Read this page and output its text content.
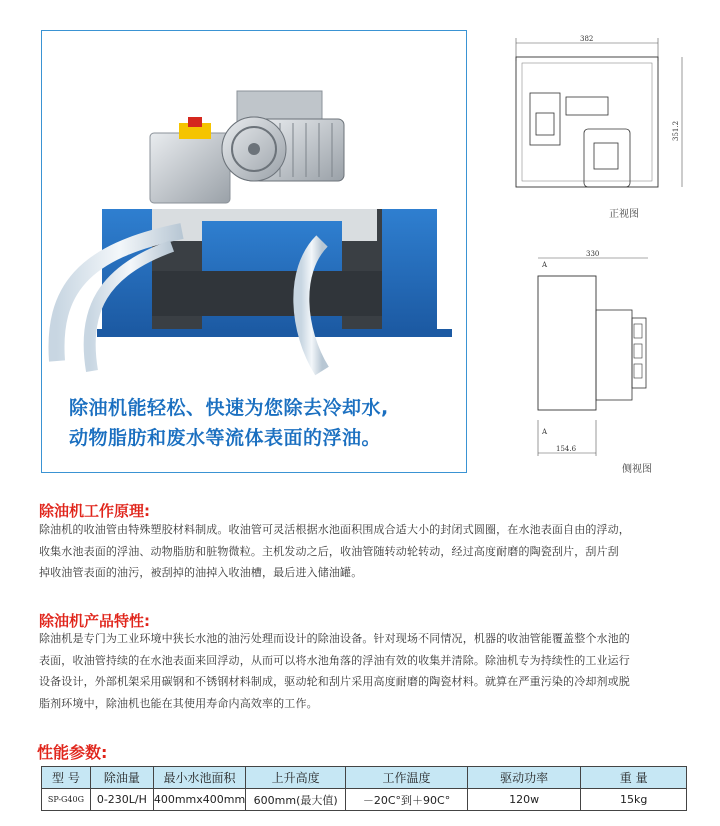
除油机能轻松、快速为您除去冷却水,
动物脂肪和废水等流体表面的浮油。
382
351.2
正视图
330
A
A
154.6
侧视图
除油机工作原理:
除油机的收油管由特殊塑胶材料制成。收油管可灵活根据水池面积围成合适大小的封闭式圆圈，在水池表面自由的浮动，
收集水池表面的浮油、动物脂肪和脏物微粒。主机发动之后，收油管随转动轮转动，经过高度耐磨的陶瓷刮片，刮片刮
掉收油管表面的油污，被刮掉的油掉入收油槽，最后进入储油罐。
除油机产品特性:
除油机是专门为工业环境中狭长水池的油污处理而设计的除油设备。针对现场不同情况，机器的收油管能覆盖整个水池的
表面，收油管持续的在水池表面来回浮动，从而可以将水池角落的浮油有效的收集并清除。除油机专为持续性的工业运行
设备设计，外部机架采用碳钢和不锈钢材料制成，驱动轮和刮片采用高度耐磨的陶瓷材料。就算在严重污染的冷却剂或脱
脂剂环境中，除油机也能在其使用寿命内高效率的工作。
性能参数:
型 号	除油量	最小水池面积	上升高度	工作温度	驱动功率	重 量
SP-G40G	0-230L/H	400mmx400mm	600mm(最大值)	－20C°到＋90C°	120w	15kg
